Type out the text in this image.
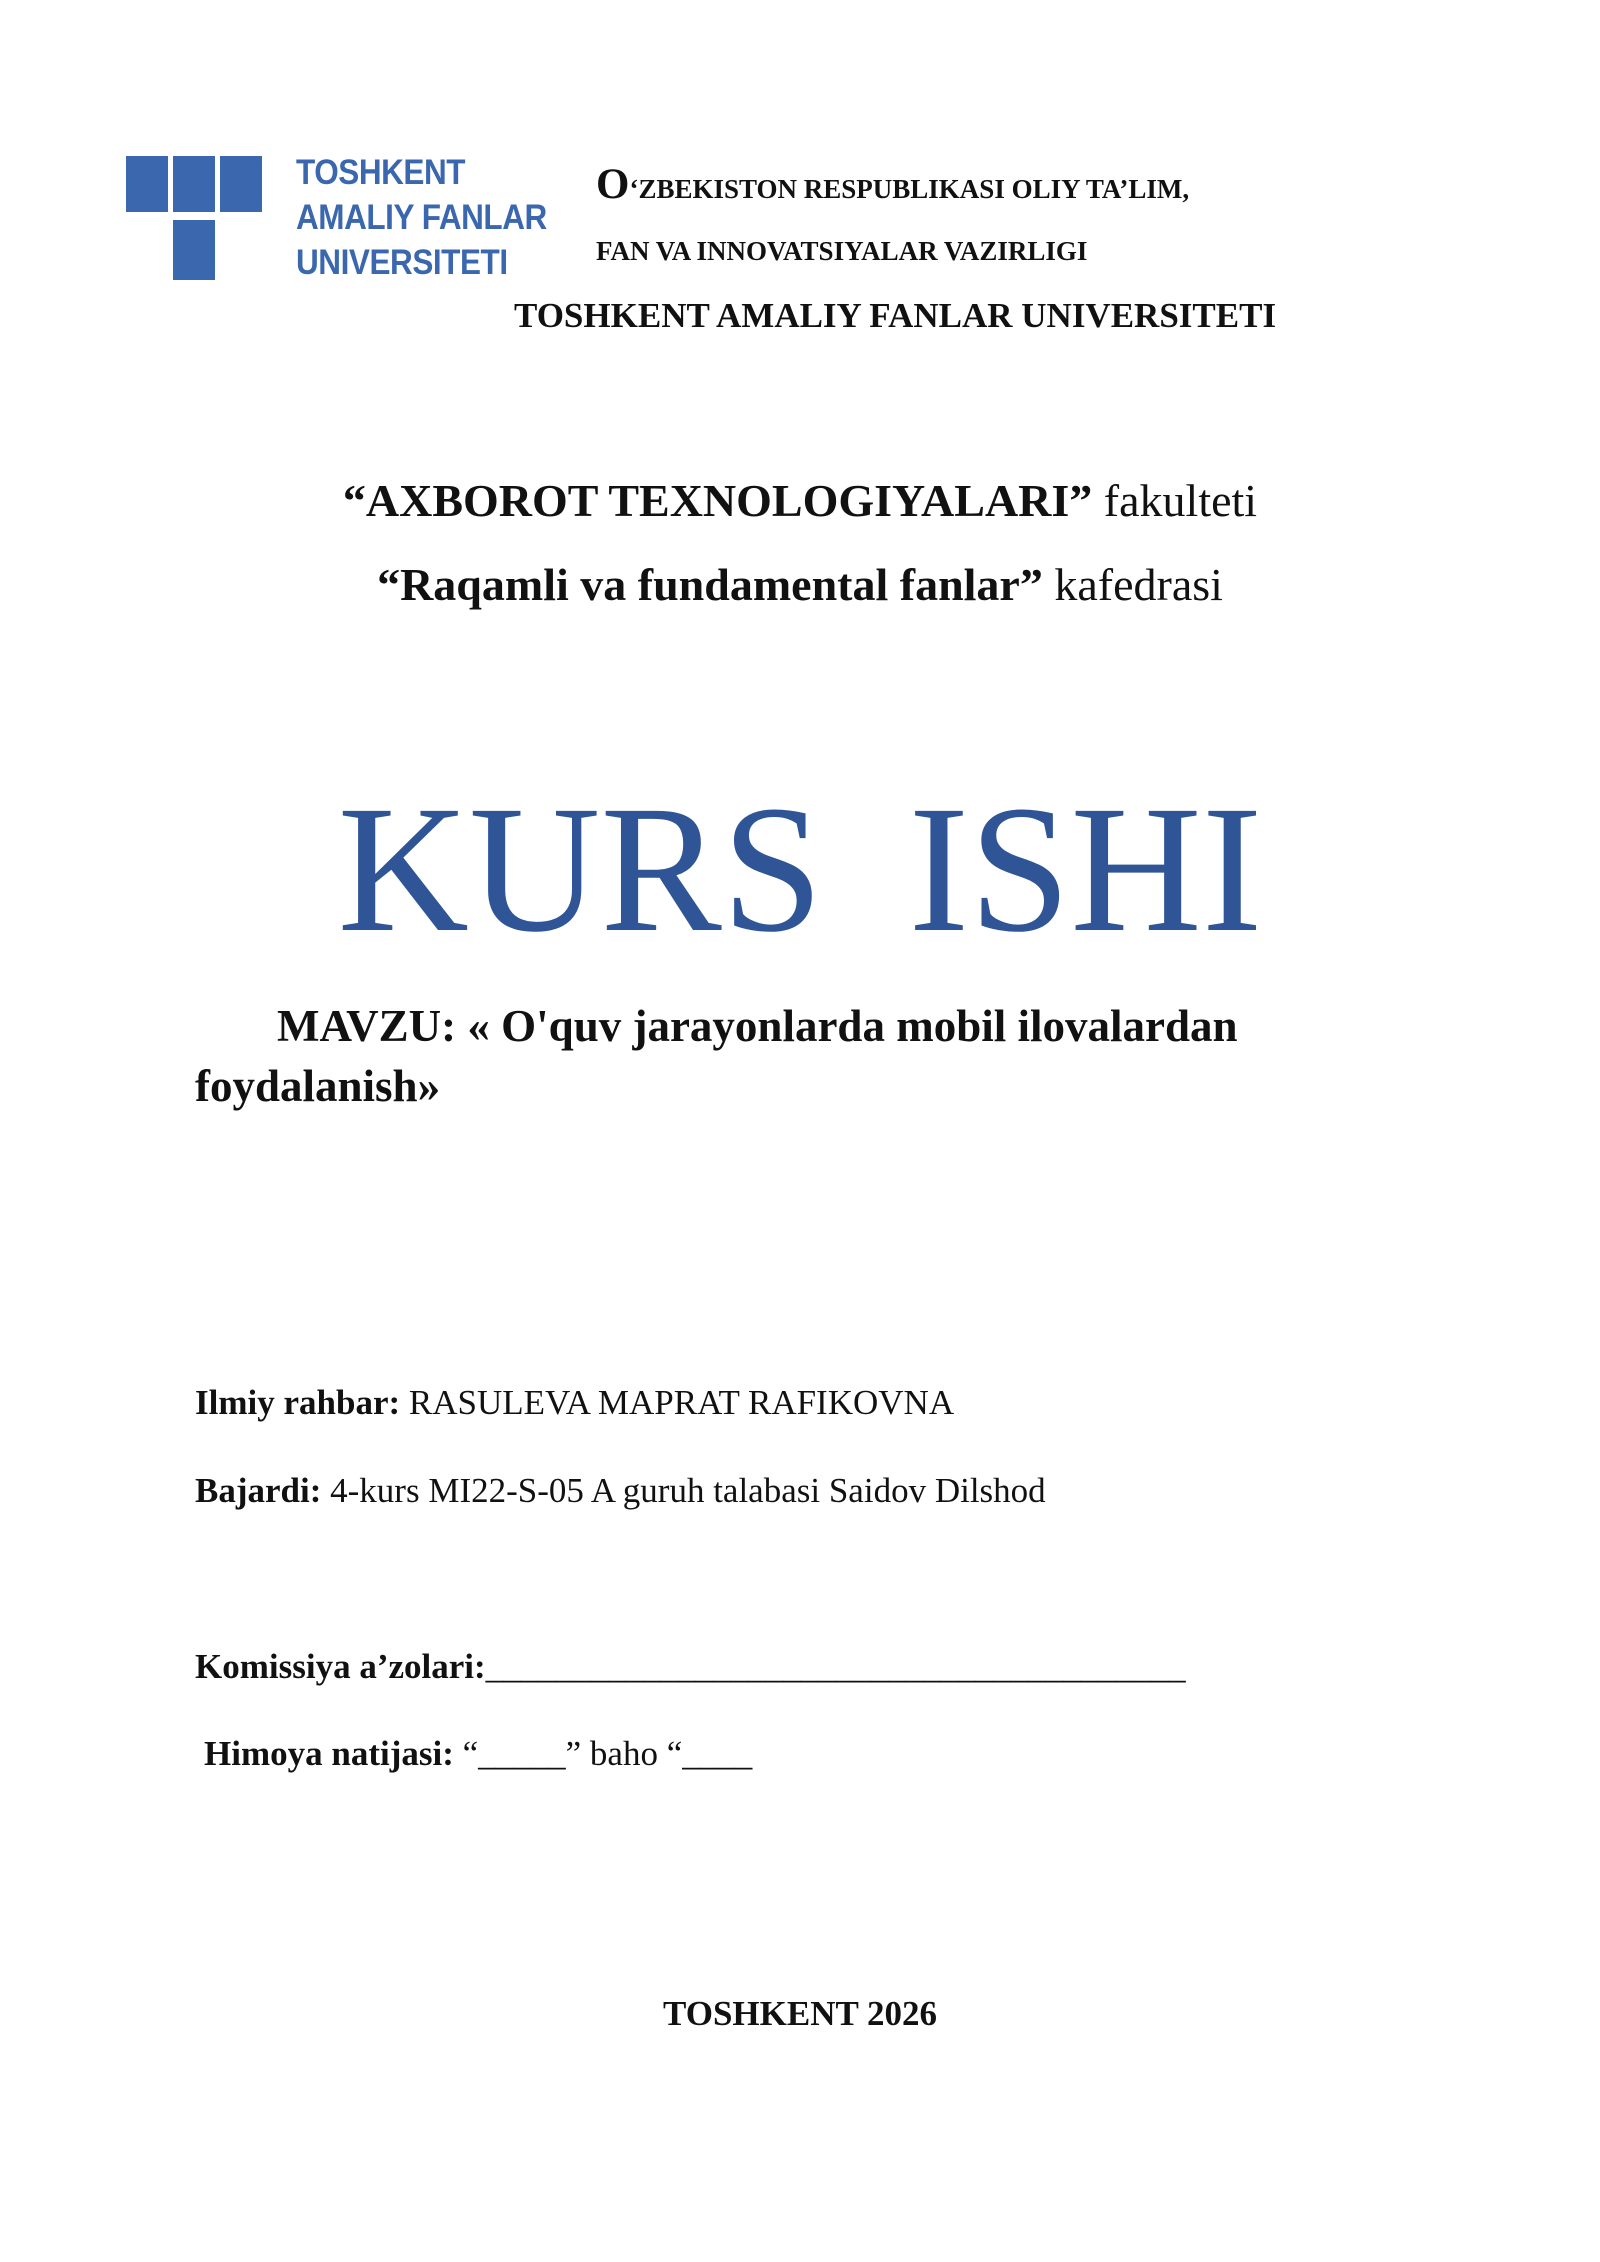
TOSHKENT
AMALIY FANLAR
UNIVERSITETI
O‘ZBEKISTON RESPUBLIKASI OLIY TA’LIM,
FAN VA INNOVATSIYALAR VAZIRLIGI
TOSHKENT AMALIY FANLAR UNIVERSITETI
“AXBOROT TEXNOLOGIYALARI” fakulteti
“Raqamli va fundamental fanlar” kafedrasi
KURS ISHI
MAVZU: « O'quv jarayonlarda mobil ilovalardan foydalanish»
Ilmiy rahbar: RASULEVA MAPRAT RAFIKOVNA
Bajardi: 4-kurs MI22-S-05 A guruh talabasi Saidov Dilshod
Komissiya a’zolari:________________________________________
Himoya natijasi: “_____” baho “____
TOSHKENT 2026
